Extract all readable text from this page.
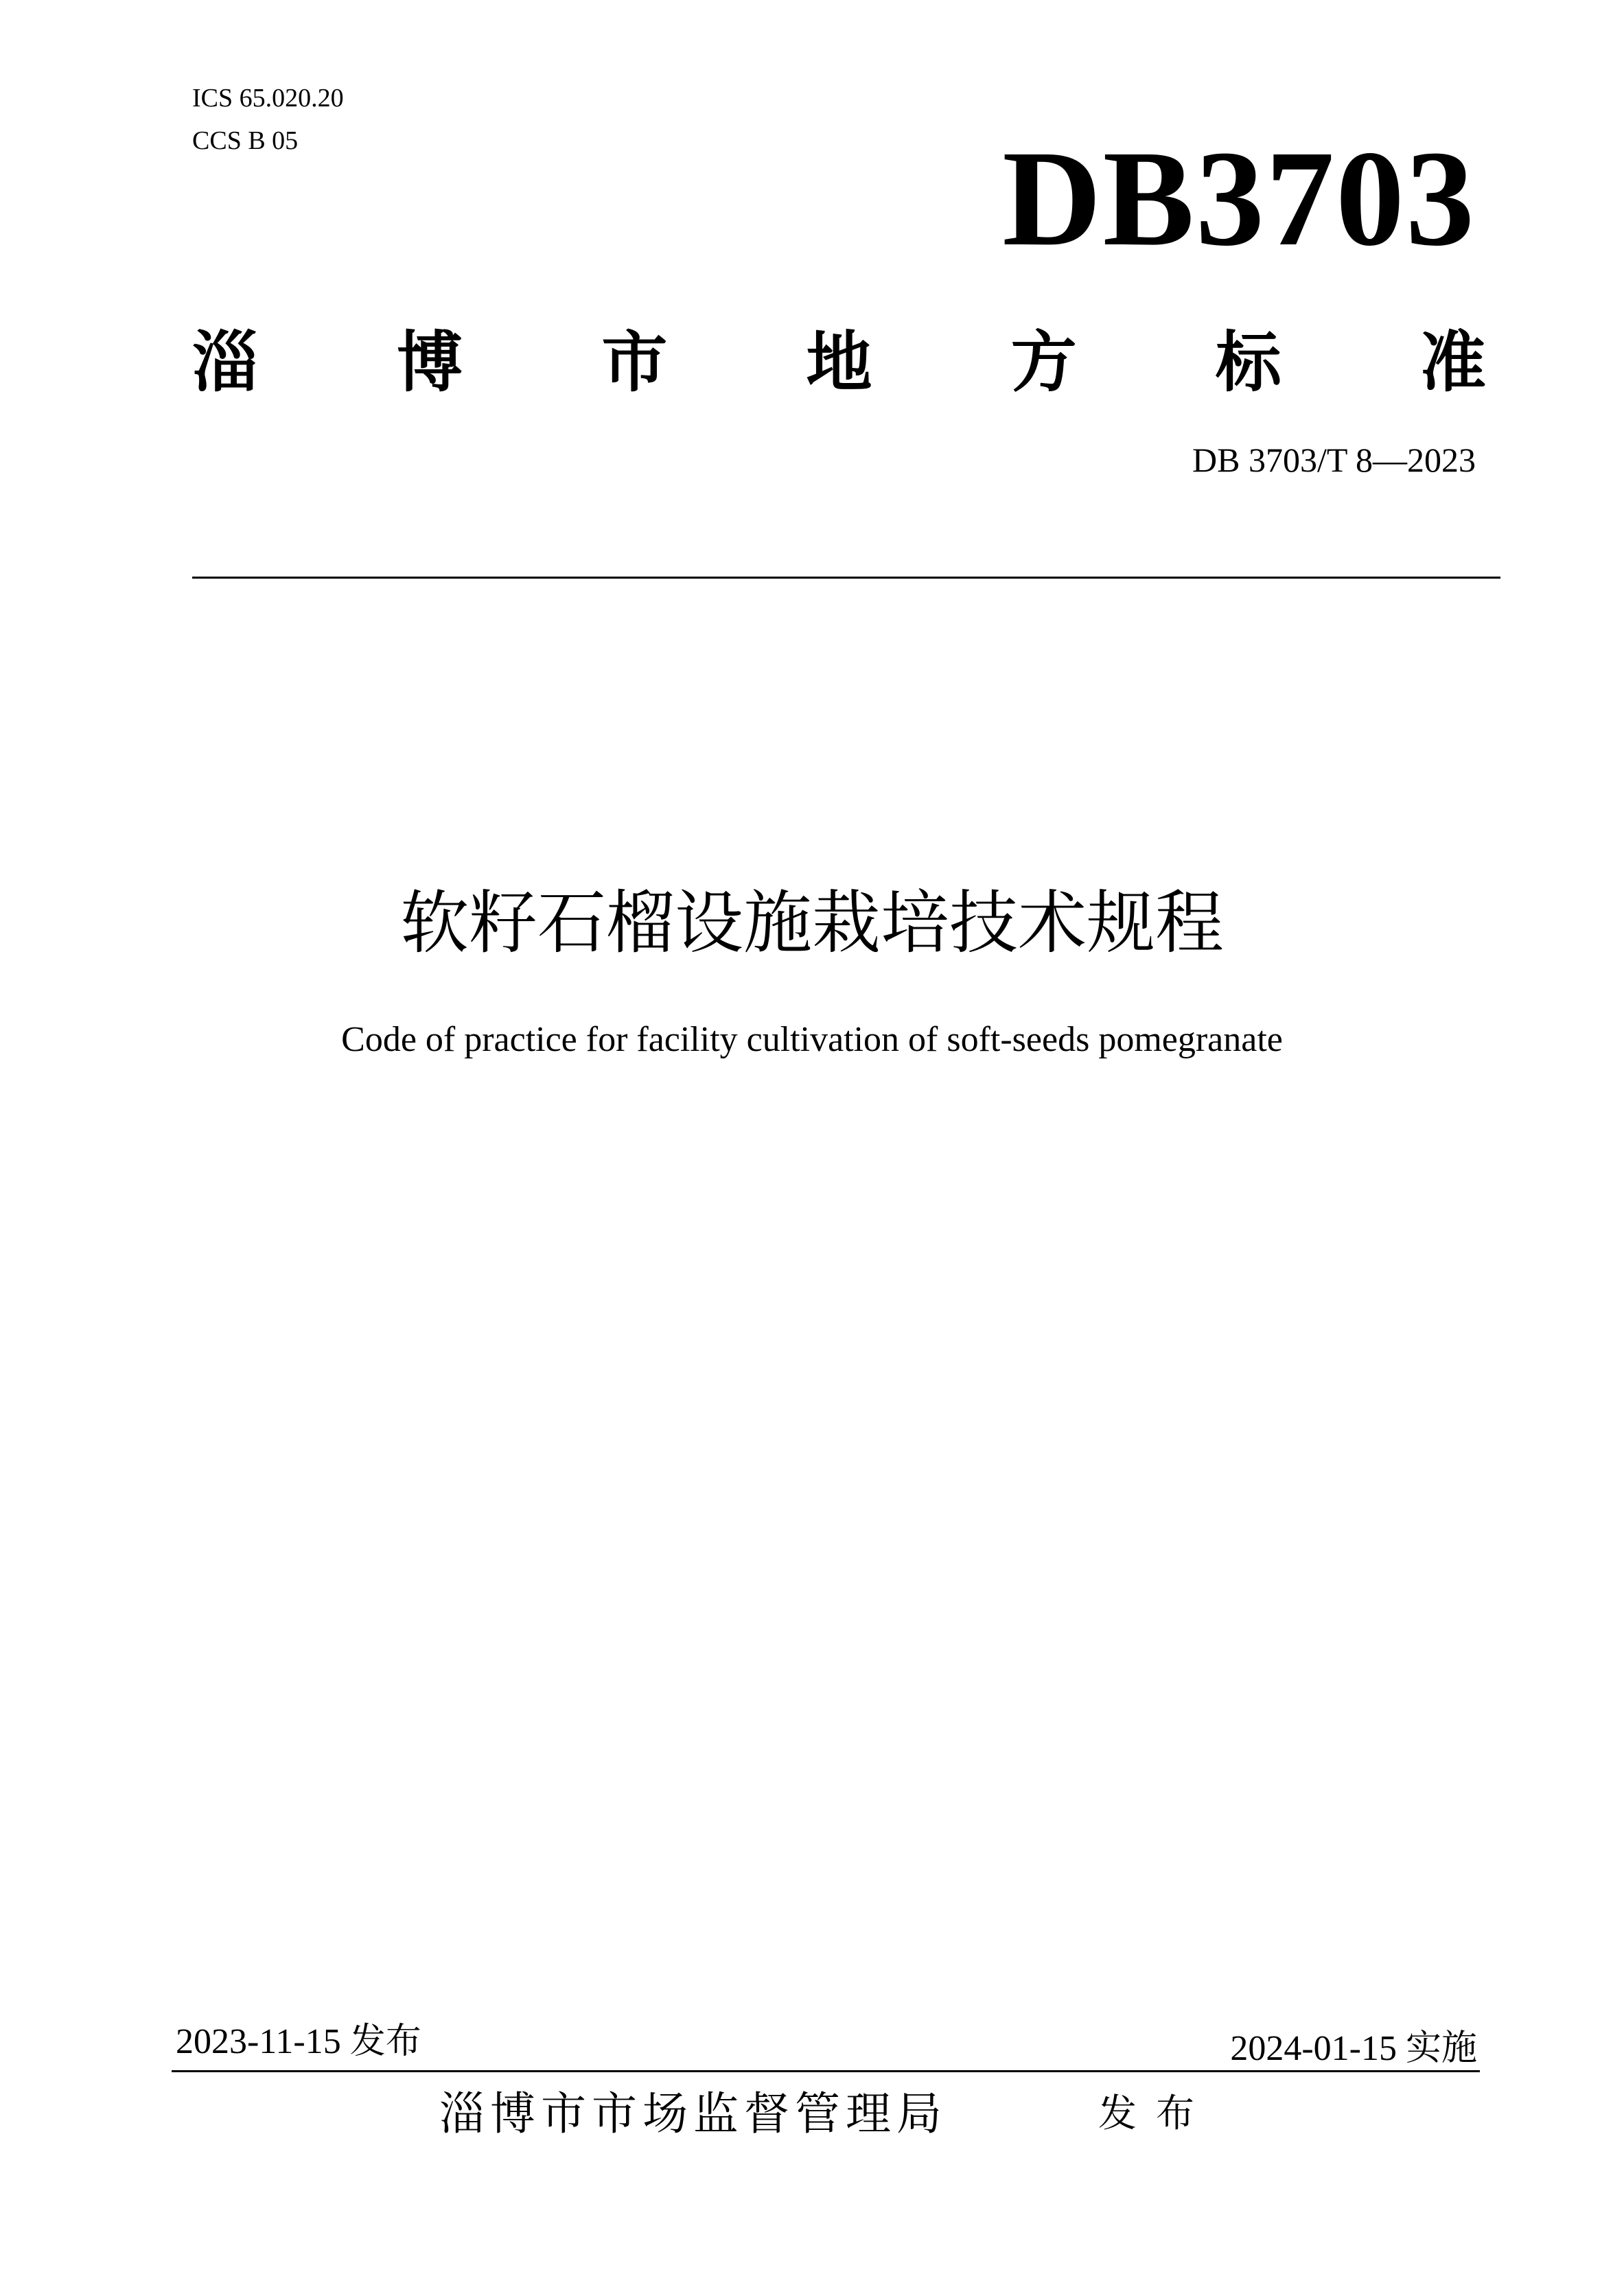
ICS 65.020.20
CCS B 05	DB3703
淄 博 市 地 方 标 准
DB 3703/T 8—2023
软籽石榴设施栽培技术规程
Code of practice for facility cultivation of soft-seeds pomegranate
2023-11-15 发布	2024-01-15 实施
淄博市市场监督管理局	发布
